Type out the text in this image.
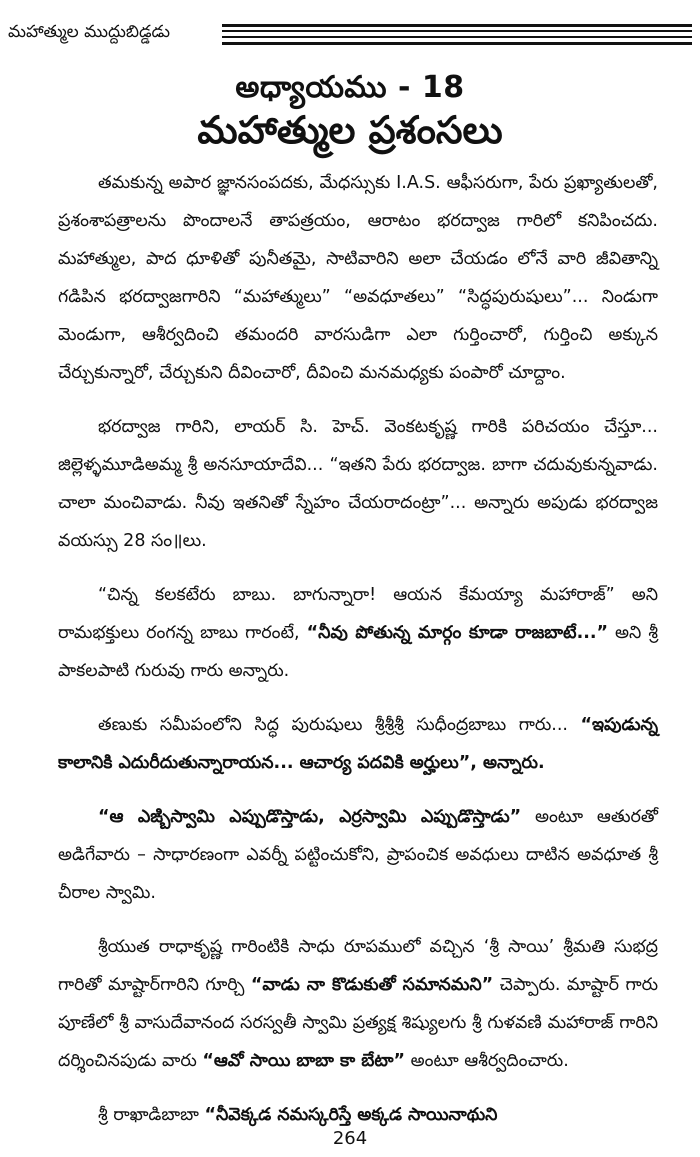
మహాత్ముల ముద్దుబిడ్డడు
అధ్యాయము - 18
మహాత్ముల ప్రశంసలు

తమకున్న అపార జ్ఞానసంపదకు, మేధస్సుకు I.A.S. ఆఫీసరుగా, పేరు ప్రఖ్యాతులతో, ప్రశంశాపత్రాలను పొందాలనే తాపత్రయం, ఆరాటం భరద్వాజ గారిలో కనిపించదు. మహాత్ముల, పాద ధూళితో పునీతమై, సాటివారిని అలా చేయడం లోనే వారి జీవితాన్ని గడిపిన భరద్వాజగారిని “మహాత్ములు” “అవధూతలు” “సిద్ధపురుషులు”... నిండుగా మెండుగా, ఆశీర్వదించి తమందరి వారసుడిగా ఎలా గుర్తించారో, గుర్తించి అక్కున చేర్చుకున్నారో, చేర్చుకుని దీవించారో, దీవించి మనమధ్యకు పంపారో చూద్దాం.

భరద్వాజ గారిని, లాయర్ సి. హెచ్. వెంకటకృష్ణ గారికి పరిచయం చేస్తూ... జిల్లెళ్ళమూడిఅమ్మ శ్రీ అనసూయాదేవి... “ఇతని పేరు భరద్వాజ. బాగా చదువుకున్నవాడు. చాలా మంచివాడు. నీవు ఇతనితో స్నేహం చేయరాదంట్రా”... అన్నారు అపుడు భరద్వాజ వయస్సు 28 సం॥లు.

“చిన్న కలకటేరు బాబు. బాగున్నారా! ఆయన కేమయ్యా మహారాజ్” అని రామభక్తులు రంగన్న బాబు గారంటే, “నీవు పోతున్న మార్గం కూడా రాజబాటే...” అని శ్రీ పాకలపాటి గురువు గారు అన్నారు.

తణుకు సమీపంలోని సిద్ధ పురుషులు శ్రీశ్రీశ్రీ సుధీంద్రబాబు గారు... “ఇపుడున్న కాలానికి ఎదురీదుతున్నారాయన... ఆచార్య పదవికి అర్హులు”, అన్నారు.

“ఆ ఎఙ్బిస్వామి ఎప్పుడొస్తాడు, ఎర్రస్వామి ఎప్పుడొస్తాడు” అంటూ ఆతురతో అడిగేవారు – సాధారణంగా ఎవర్నీ పట్టించుకోని, ప్రాపంచిక అవధులు దాటిన అవధూత శ్రీ చీరాల స్వామి.

శ్రీయుత రాధాకృష్ణ గారింటికి సాధు రూపములో వచ్చిన ‘శ్రీ సాయి’ శ్రీమతి సుభద్ర గారితో మాష్టార్‌గారిని గూర్చి “వాడు నా కొడుకుతో సమానమని” చెప్పారు. మాష్టార్ గారు పూణేలో శ్రీ వాసుదేవానంద సరస్వతీ స్వామి ప్రత్యక్ష శిష్యులగు శ్రీ గుళవణి మహారాజ్ గారిని దర్శించినపుడు వారు “ఆవో సాయి బాబా కా బేటా” అంటూ ఆశీర్వదించారు.

శ్రీ రాఖాడిబాబా “నీవెక్కడ నమస్కరిస్తే అక్కడ సాయినాథుని

264
